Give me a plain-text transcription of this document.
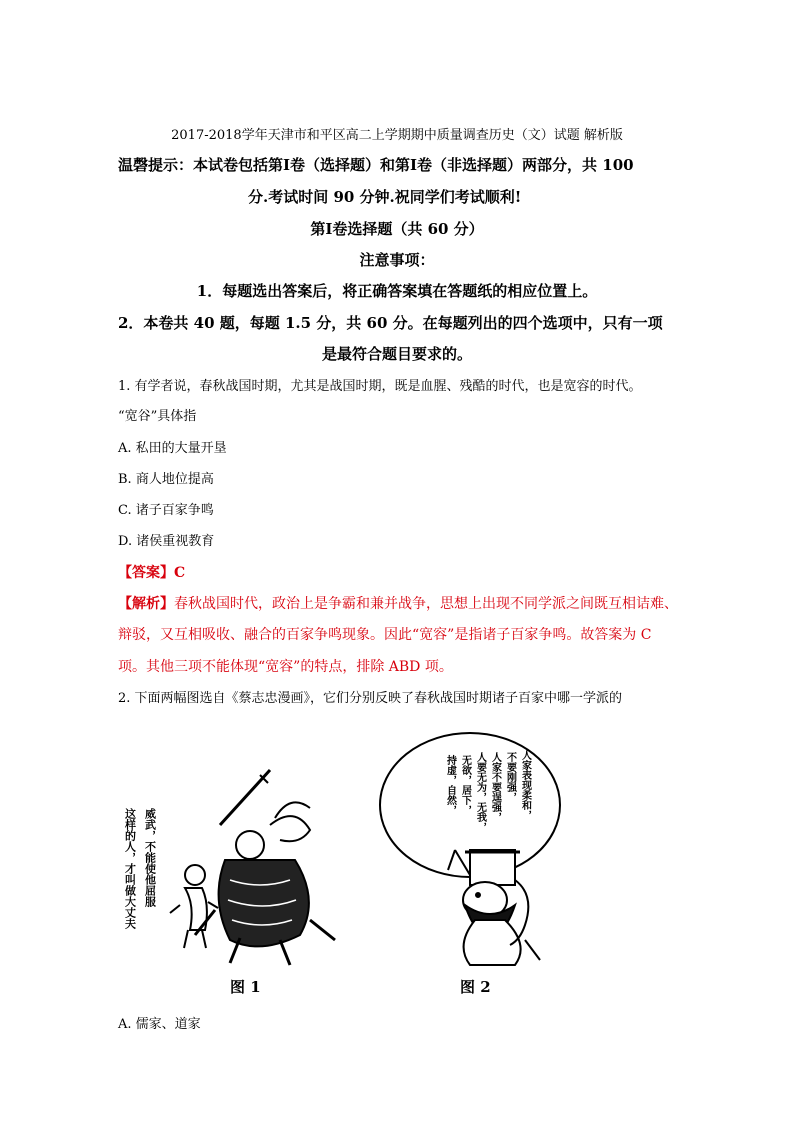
2017-2018学年天津市和平区高二上学期期中质量调查历史（文）试题 解析版
温磬提示：本试卷包括第Ⅰ卷（选择题）和第Ⅰ卷（非选择题）两部分，共 100
分.考试时间 90 分钟.祝同学们考试顺利!
第Ⅰ卷选择题（共 60 分）
注意事项：
1．每题选出答案后，将正确答案填在答题纸的相应位置上。
2．本卷共 40 题，每题 1.5 分，共 60 分。在每题列出的四个选项中，只有一项
是最符合题目要求的。
1. 有学者说，春秋战国时期，尤其是战国时期，既是血腥、残酷的时代，也是宽容的时代。
“宽谷”具体指
A. 私田的大量开垦
B. 商人地位提高
C. 诸子百家争鸣
D. 诸侯重视教育
【答案】C
【解析】春秋战国时代，政治上是争霸和兼并战争，思想上出现不同学派之间既互相诘难、
辩驳，又互相吸收、融合的百家争鸣现象。因此“宽容”是指诸子百家争鸣。故答案为 C
项。其他三项不能体现“宽容”的特点，排除 ABD 项。
2. 下面两幅图选自《蔡志忠漫画》，它们分别反映了春秋战国时期诸子百家中哪一学派的
这样的人，才叫做大丈夫 威武，不能使他屈服
图 1
人家表现柔和，
不要刚强，
人家不要逞强，
人要无为，无我，
无欲，居下，
持虚，自然，
图 2
A. 儒家、道家
